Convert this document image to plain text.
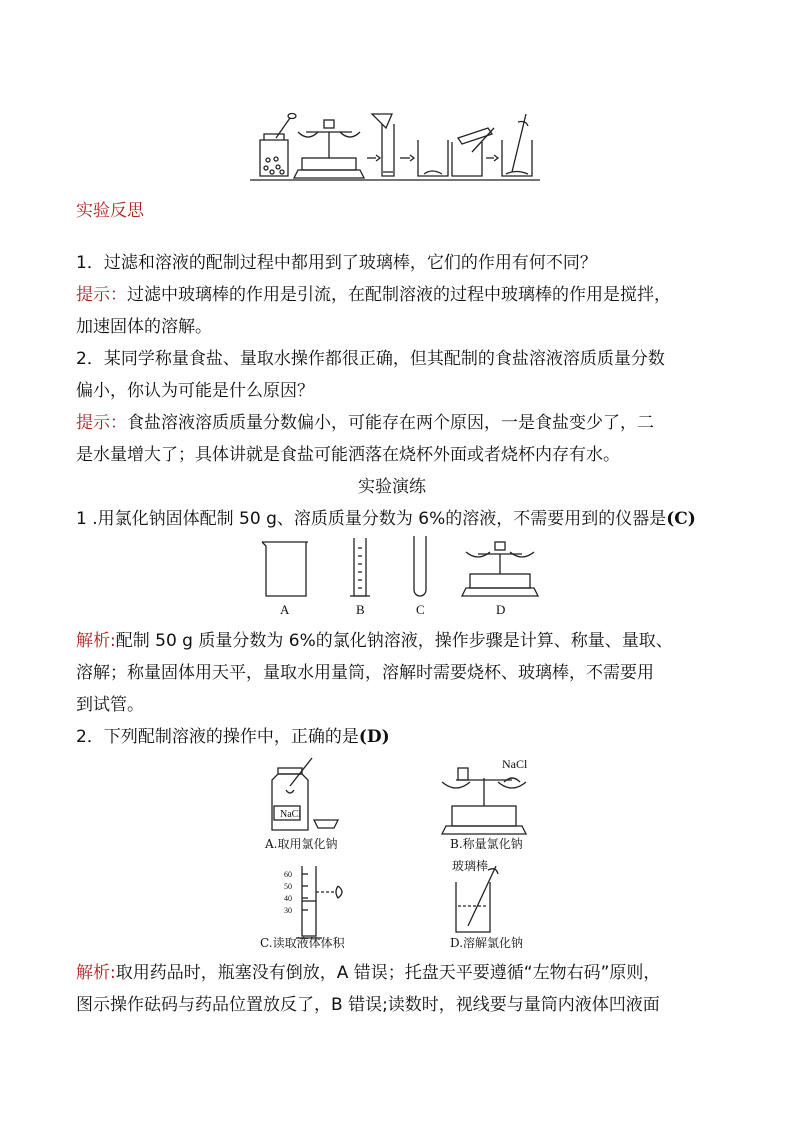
实验反思
1．过滤和溶液的配制过程中都用到了玻璃棒，它们的作用有何不同？
提示：过滤中玻璃棒的作用是引流，在配制溶液的过程中玻璃棒的作用是搅拌，
加速固体的溶解。
2．某同学称量食盐、量取水操作都很正确，但其配制的食盐溶液溶质质量分数
偏小，你认为可能是什么原因？
提示：食盐溶液溶质质量分数偏小，可能存在两个原因，一是食盐变少了，二
是水量增大了；具体讲就是食盐可能洒落在烧杯外面或者烧杯内存有水。
实验演练
1 .用氯化钠固体配制 50 g、溶质质量分数为 6%的溶液，不需要用到的仪器是(C)
A	B	C	D
解析:配制 50 g 质量分数为 6%的氯化钠溶液，操作步骤是计算、称量、量取、
溶解；称量固体用天平，量取水用量筒，溶解时需要烧杯、玻璃棒，不需要用
到试管。
2．下列配制溶液的操作中，正确的是(D)
NaCl
NaCl
60
50
40
30
玻璃棒
A.取用氯化钠	B.称量氯化钠
C.读取液体体积	D.溶解氯化钠
解析:取用药品时，瓶塞没有倒放，A 错误；托盘天平要遵循“左物右码”原则，
图示操作砝码与药品位置放反了，B 错误;读数时，视线要与量筒内液体凹液面
